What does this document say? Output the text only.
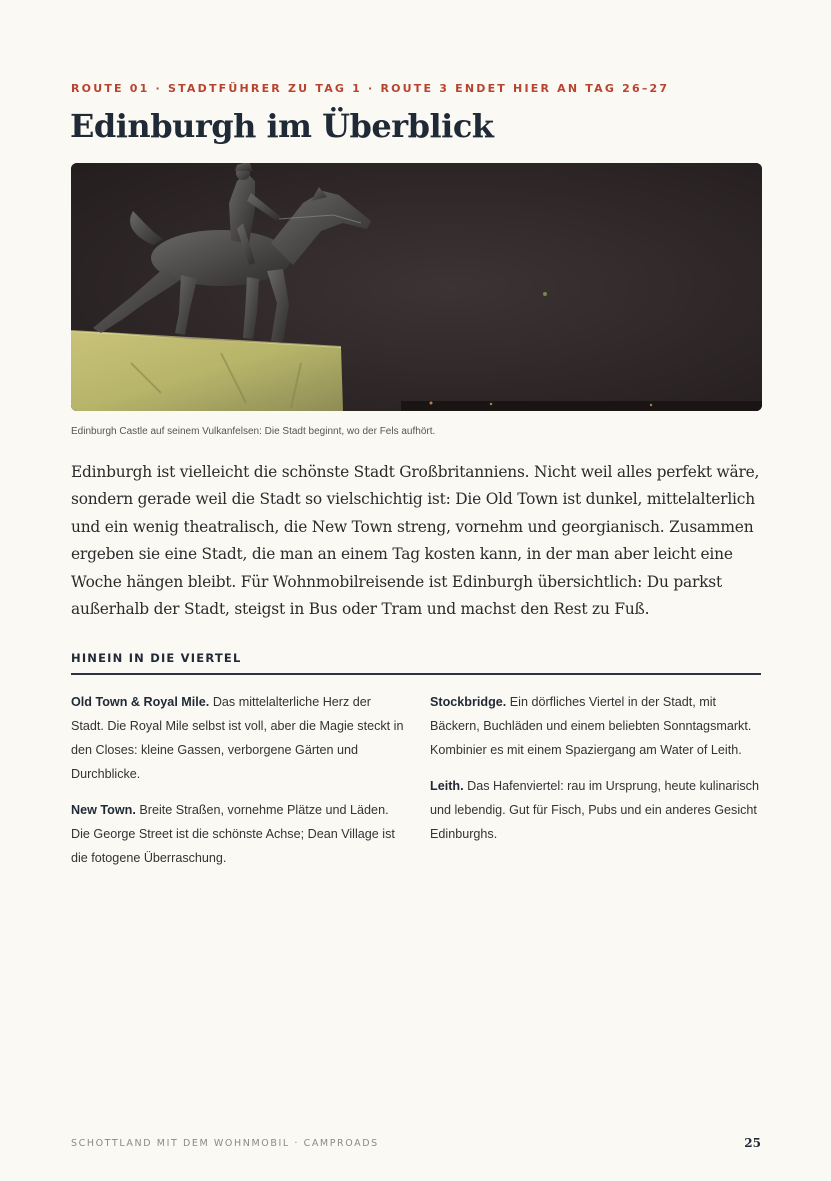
ROUTE 01 · STADTFÜHRER ZU TAG 1 · ROUTE 3 ENDET HIER AN TAG 26–27
Edinburgh im Überblick
Edinburgh Castle auf seinem Vulkanfelsen: Die Stadt beginnt, wo der Fels aufhört.

Edinburgh ist vielleicht die schönste Stadt Großbritanniens. Nicht weil alles perfekt wäre, sondern gerade weil die Stadt so vielschichtig ist: Die Old Town ist dunkel, mittelalterlich und ein wenig theatralisch, die New Town streng, vornehm und georgianisch. Zusammen ergeben sie eine Stadt, die man an einem Tag kosten kann, in der man aber leicht eine Woche hängen bleibt. Für Wohnmobilreisende ist Edinburgh übersichtlich: Du parkst außerhalb der Stadt, steigst in Bus oder Tram und machst den Rest zu Fuß.

HINEIN IN DIE VIERTEL

Old Town & Royal Mile. Das mittelalterliche Herz der Stadt. Die Royal Mile selbst ist voll, aber die Magie steckt in den Closes: kleine Gassen, verborgene Gärten und Durchblicke.

New Town. Breite Straßen, vornehme Plätze und Läden. Die George Street ist die schönste Achse; Dean Village ist die fotogene Überraschung.

Stockbridge. Ein dörfliches Viertel in der Stadt, mit Bäckern, Buchläden und einem beliebten Sonntagsmarkt. Kombinier es mit einem Spaziergang am Water of Leith.

Leith. Das Hafenviertel: rau im Ursprung, heute kulinarisch und lebendig. Gut für Fisch, Pubs und ein anderes Gesicht Edinburghs.

SCHOTTLAND MIT DEM WOHNMOBIL · CAMPROADS	25
